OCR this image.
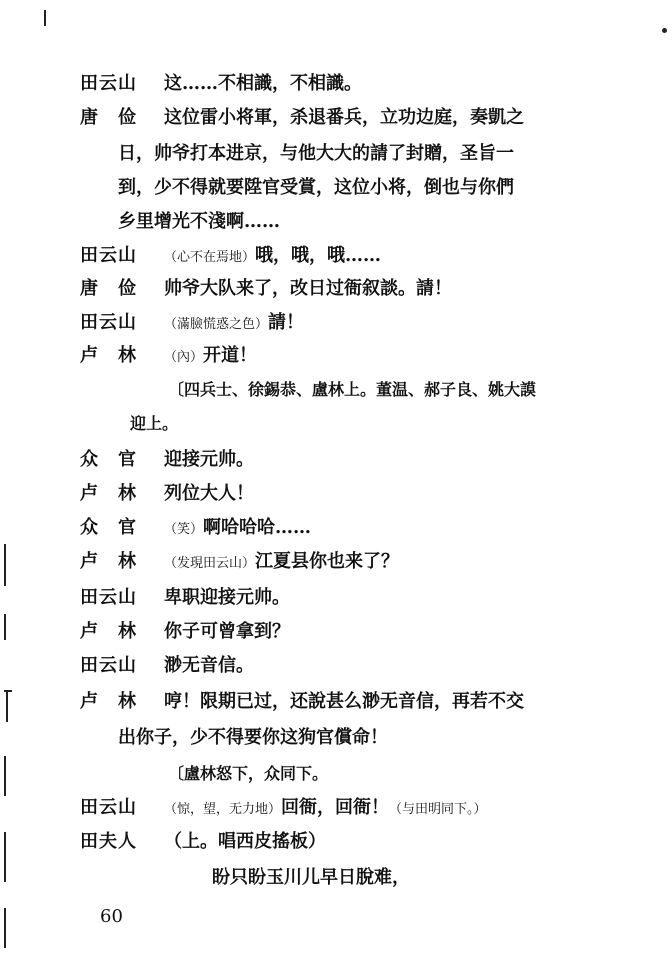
田云山 这……不相識，不相識。
唐　俭 这位雷小将軍，杀退番兵，立功边庭，奏凱之
日，帅爷打本进京，与他大大的請了封贈，圣旨一
到，少不得就要陞官受賞，这位小将，倒也与你們
乡里增光不淺啊……
田云山 （心不在焉地）哦，哦，哦……
唐　俭 帅爷大队来了，改日过衙叙談。請！
田云山 （滿臉慌惑之色）請！
卢　林 （內）开道！
〔四兵士、徐錫恭、盧林上。董温、郝子良、姚大謨
迎上。
众　官 迎接元帅。
卢　林 列位大人！
众　官 （笑）啊哈哈哈……
卢　林 （发現田云山）江夏县你也来了？
田云山 卑职迎接元帅。
卢　林 你子可曾拿到？
田云山 渺无音信。
卢　林 哼！限期已过，还說甚么渺无音信，再若不交
出你子，少不得要你这狗官償命！
〔盧林怒下，众同下。
田云山 （惊，望，无力地）回衙，回衙！（与田明同下。）
田夫人 （上。唱西皮搖板）
盼只盼玉川儿早日脫难，
60
